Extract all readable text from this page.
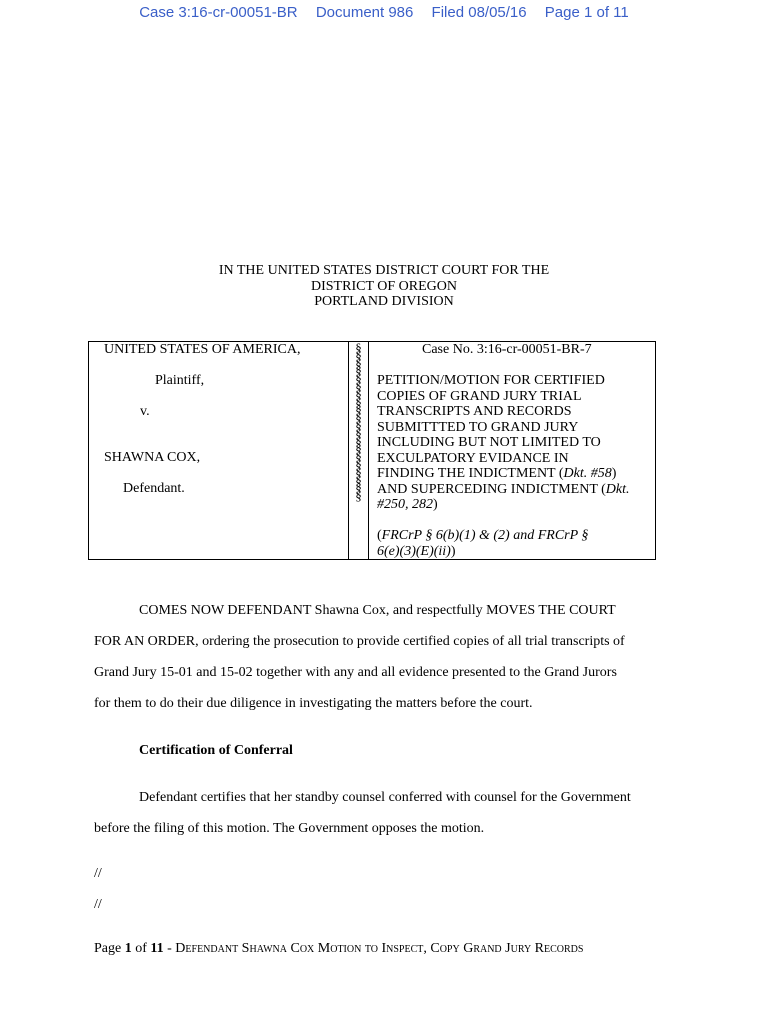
Case 3:16-cr-00051-BR Document 986 Filed 08/05/16 Page 1 of 11
IN THE UNITED STATES DISTRICT COURT FOR THE
DISTRICT OF OREGON
PORTLAND DIVISION
UNITED STATES OF AMERICA,
Plaintiff,
v.
SHAWNA COX,
Defendant.
§
§
§
§
§
§
§
§
§
§
§
§
§
§
§
§
§
§
§
§
Case No. 3:16-cr-00051-BR-7
PETITION/MOTION FOR CERTIFIED
COPIES OF GRAND JURY TRIAL
TRANSCRIPTS AND RECORDS
SUBMITTTED TO GRAND JURY
INCLUDING BUT NOT LIMITED TO
EXCULPATORY EVIDANCE IN
FINDING THE INDICTMENT (Dkt. #58)
AND SUPERCEDING INDICTMENT (Dkt.
#250, 282)
(FRCrP § 6(b)(1) & (2) and FRCrP §
6(e)(3)(E)(ii))
COMES NOW DEFENDANT Shawna Cox, and respectfully MOVES THE COURT
FOR AN ORDER, ordering the prosecution to provide certified copies of all trial transcripts of
Grand Jury 15-01 and 15-02 together with any and all evidence presented to the Grand Jurors
for them to do their due diligence in investigating the matters before the court.
Certification of Conferral
Defendant certifies that her standby counsel conferred with counsel for the Government
before the filing of this motion. The Government opposes the motion.
//
//
Page 1 of 11 - Defendant Shawna Cox Motion to Inspect, Copy Grand Jury Records
